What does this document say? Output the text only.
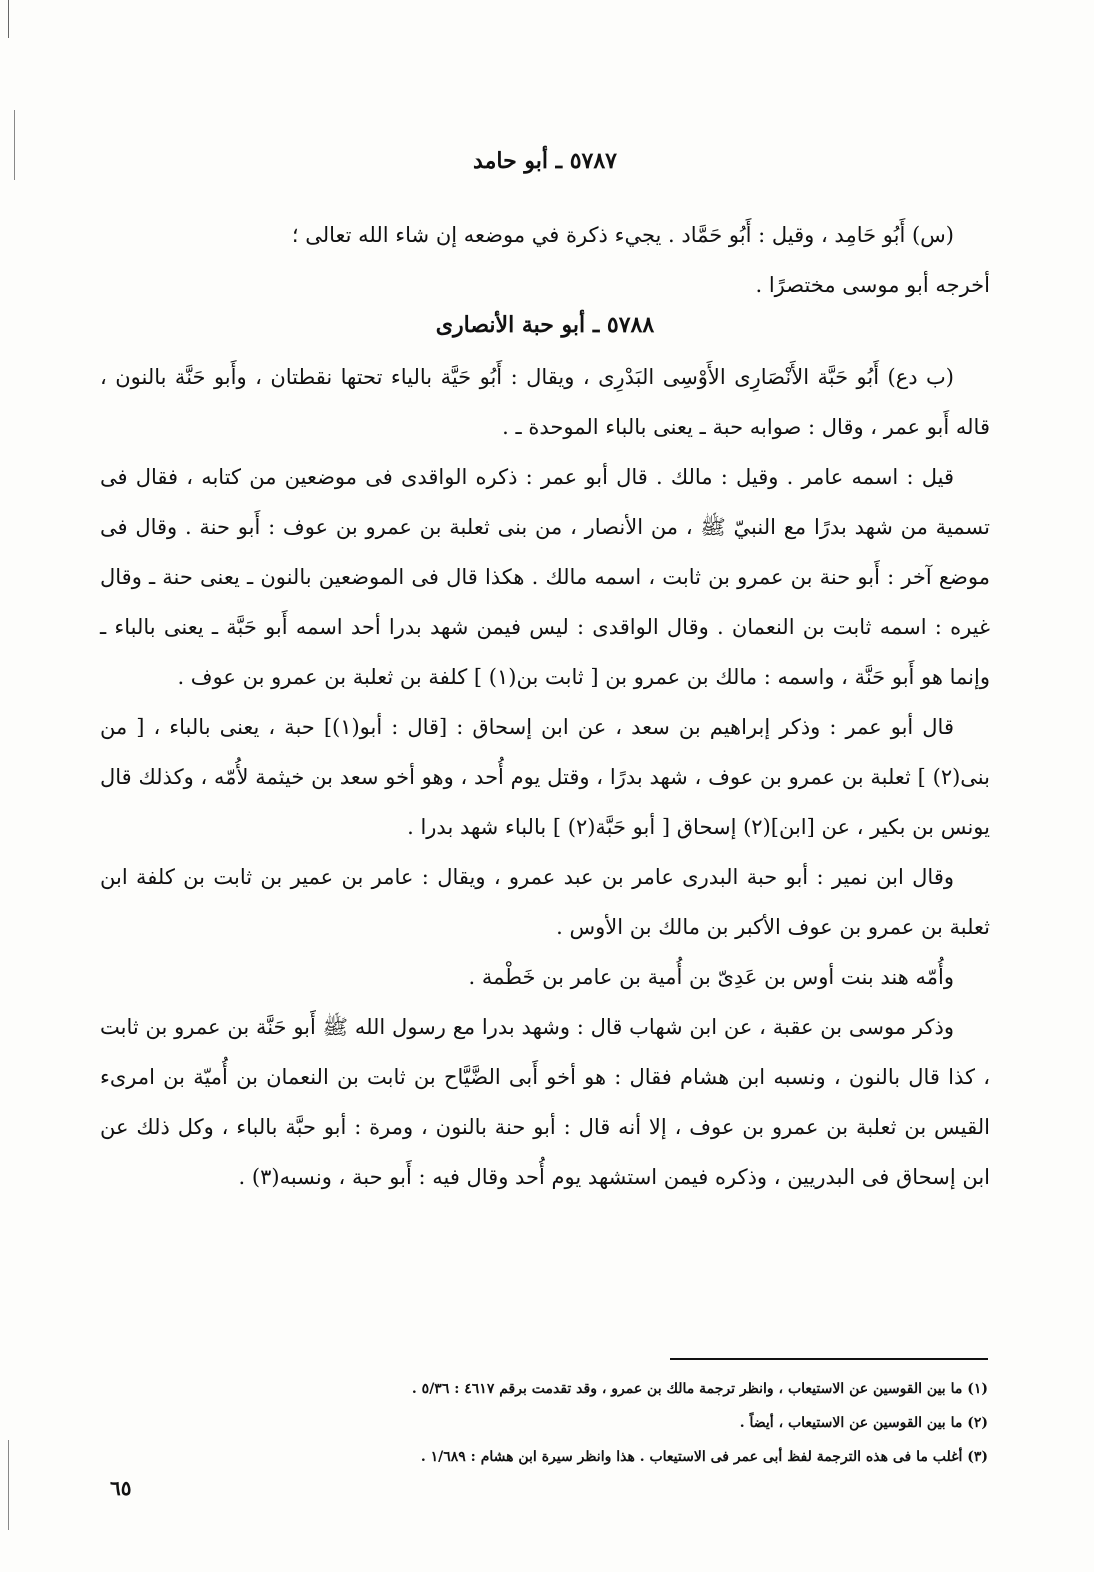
٥٧٨٧ ـ أبو حامد

(س) أَبُو حَامِد ، وقيل : أَبُو حَمَّاد . يجيء ذكرة في موضعه إن شاء الله تعالى ؛

أخرجه أبو موسى مختصرًا .

٥٧٨٨ ـ أبو حبة الأنصارى

(ب دع) أَبُو حَبَّة الأَنْصَارِى الأَوْسِى البَدْرِى ، ويقال : أَبُو حَيَّة بالياء تحتها نقطتان ، وأَبو حَنَّة بالنون ، قاله أَبو عمر ، وقال : صوابه حبة ـ يعنى بالباء الموحدة ـ .

قيل : اسمه عامر . وقيل : مالك . قال أبو عمر : ذكره الواقدى فى موضعين من كتابه ، فقال فى تسمية من شهد بدرًا مع النبيّ ﷺ ، من الأنصار ، من بنى ثعلبة بن عمرو بن عوف : أَبو حنة . وقال فى موضع آخر : أَبو حنة بن عمرو بن ثابت ، اسمه مالك . هكذا قال فى الموضعين بالنون ـ يعنى حنة ـ وقال غيره : اسمه ثابت بن النعمان . وقال الواقدى : ليس فيمن شهد بدرا أحد اسمه أَبو حَبَّة ـ يعنى بالباء ـ وإنما هو أَبو حَنَّة ، واسمه : مالك بن عمرو بن [ ثابت بن(١) ] كلفة بن ثعلبة بن عمرو بن عوف .

قال أبو عمر : وذكر إبراهيم بن سعد ، عن ابن إسحاق : [قال : أبو(١)] حبة ، يعنى بالباء ، [ من بنى(٢) ] ثعلبة بن عمرو بن عوف ، شهد بدرًا ، وقتل يوم أُحد ، وهو أخو سعد بن خيثمة لأُمّه ، وكذلك قال يونس بن بكير ، عن [ابن](٢) إسحاق [ أبو حَبَّة(٢) ] بالباء شهد بدرا .

وقال ابن نمير : أبو حبة البدرى عامر بن عبد عمرو ، ويقال : عامر بن عمير بن ثابت بن كلفة ابن ثعلبة بن عمرو بن عوف الأكبر بن مالك بن الأوس .

وأُمّه هند بنت أوس بن عَدِىّ بن أُمية بن عامر بن خَطْمة .

وذكر موسى بن عقبة ، عن ابن شهاب قال : وشهد بدرا مع رسول الله ﷺ أَبو حَنَّة بن عمرو بن ثابت ، كذا قال بالنون ، ونسبه ابن هشام فقال : هو أخو أَبى الضَّيَّاح بن ثابت بن النعمان بن أُميّة بن امرىء القيس بن ثعلبة بن عمرو بن عوف ، إلا أنه قال : أبو حنة بالنون ، ومرة : أبو حبَّة بالباء ، وكل ذلك عن ابن إسحاق فى البدريين ، وذكره فيمن استشهد يوم أُحد وقال فيه : أَبو حبة ، ونسبه(٣) .

(١) ما بين القوسين عن الاستيعاب ، وانظر ترجمة مالك بن عمرو ، وقد تقدمت برقم ٤٦١٧ : ٥/٣٦ .

(٢) ما بين القوسين عن الاستيعاب ، أيضاً .

(٣) أغلب ما فى هذه الترجمة لفظ أبى عمر فى الاستيعاب . هذا وانظر سيرة ابن هشام : ١/٦٨٩ .

٦٥
